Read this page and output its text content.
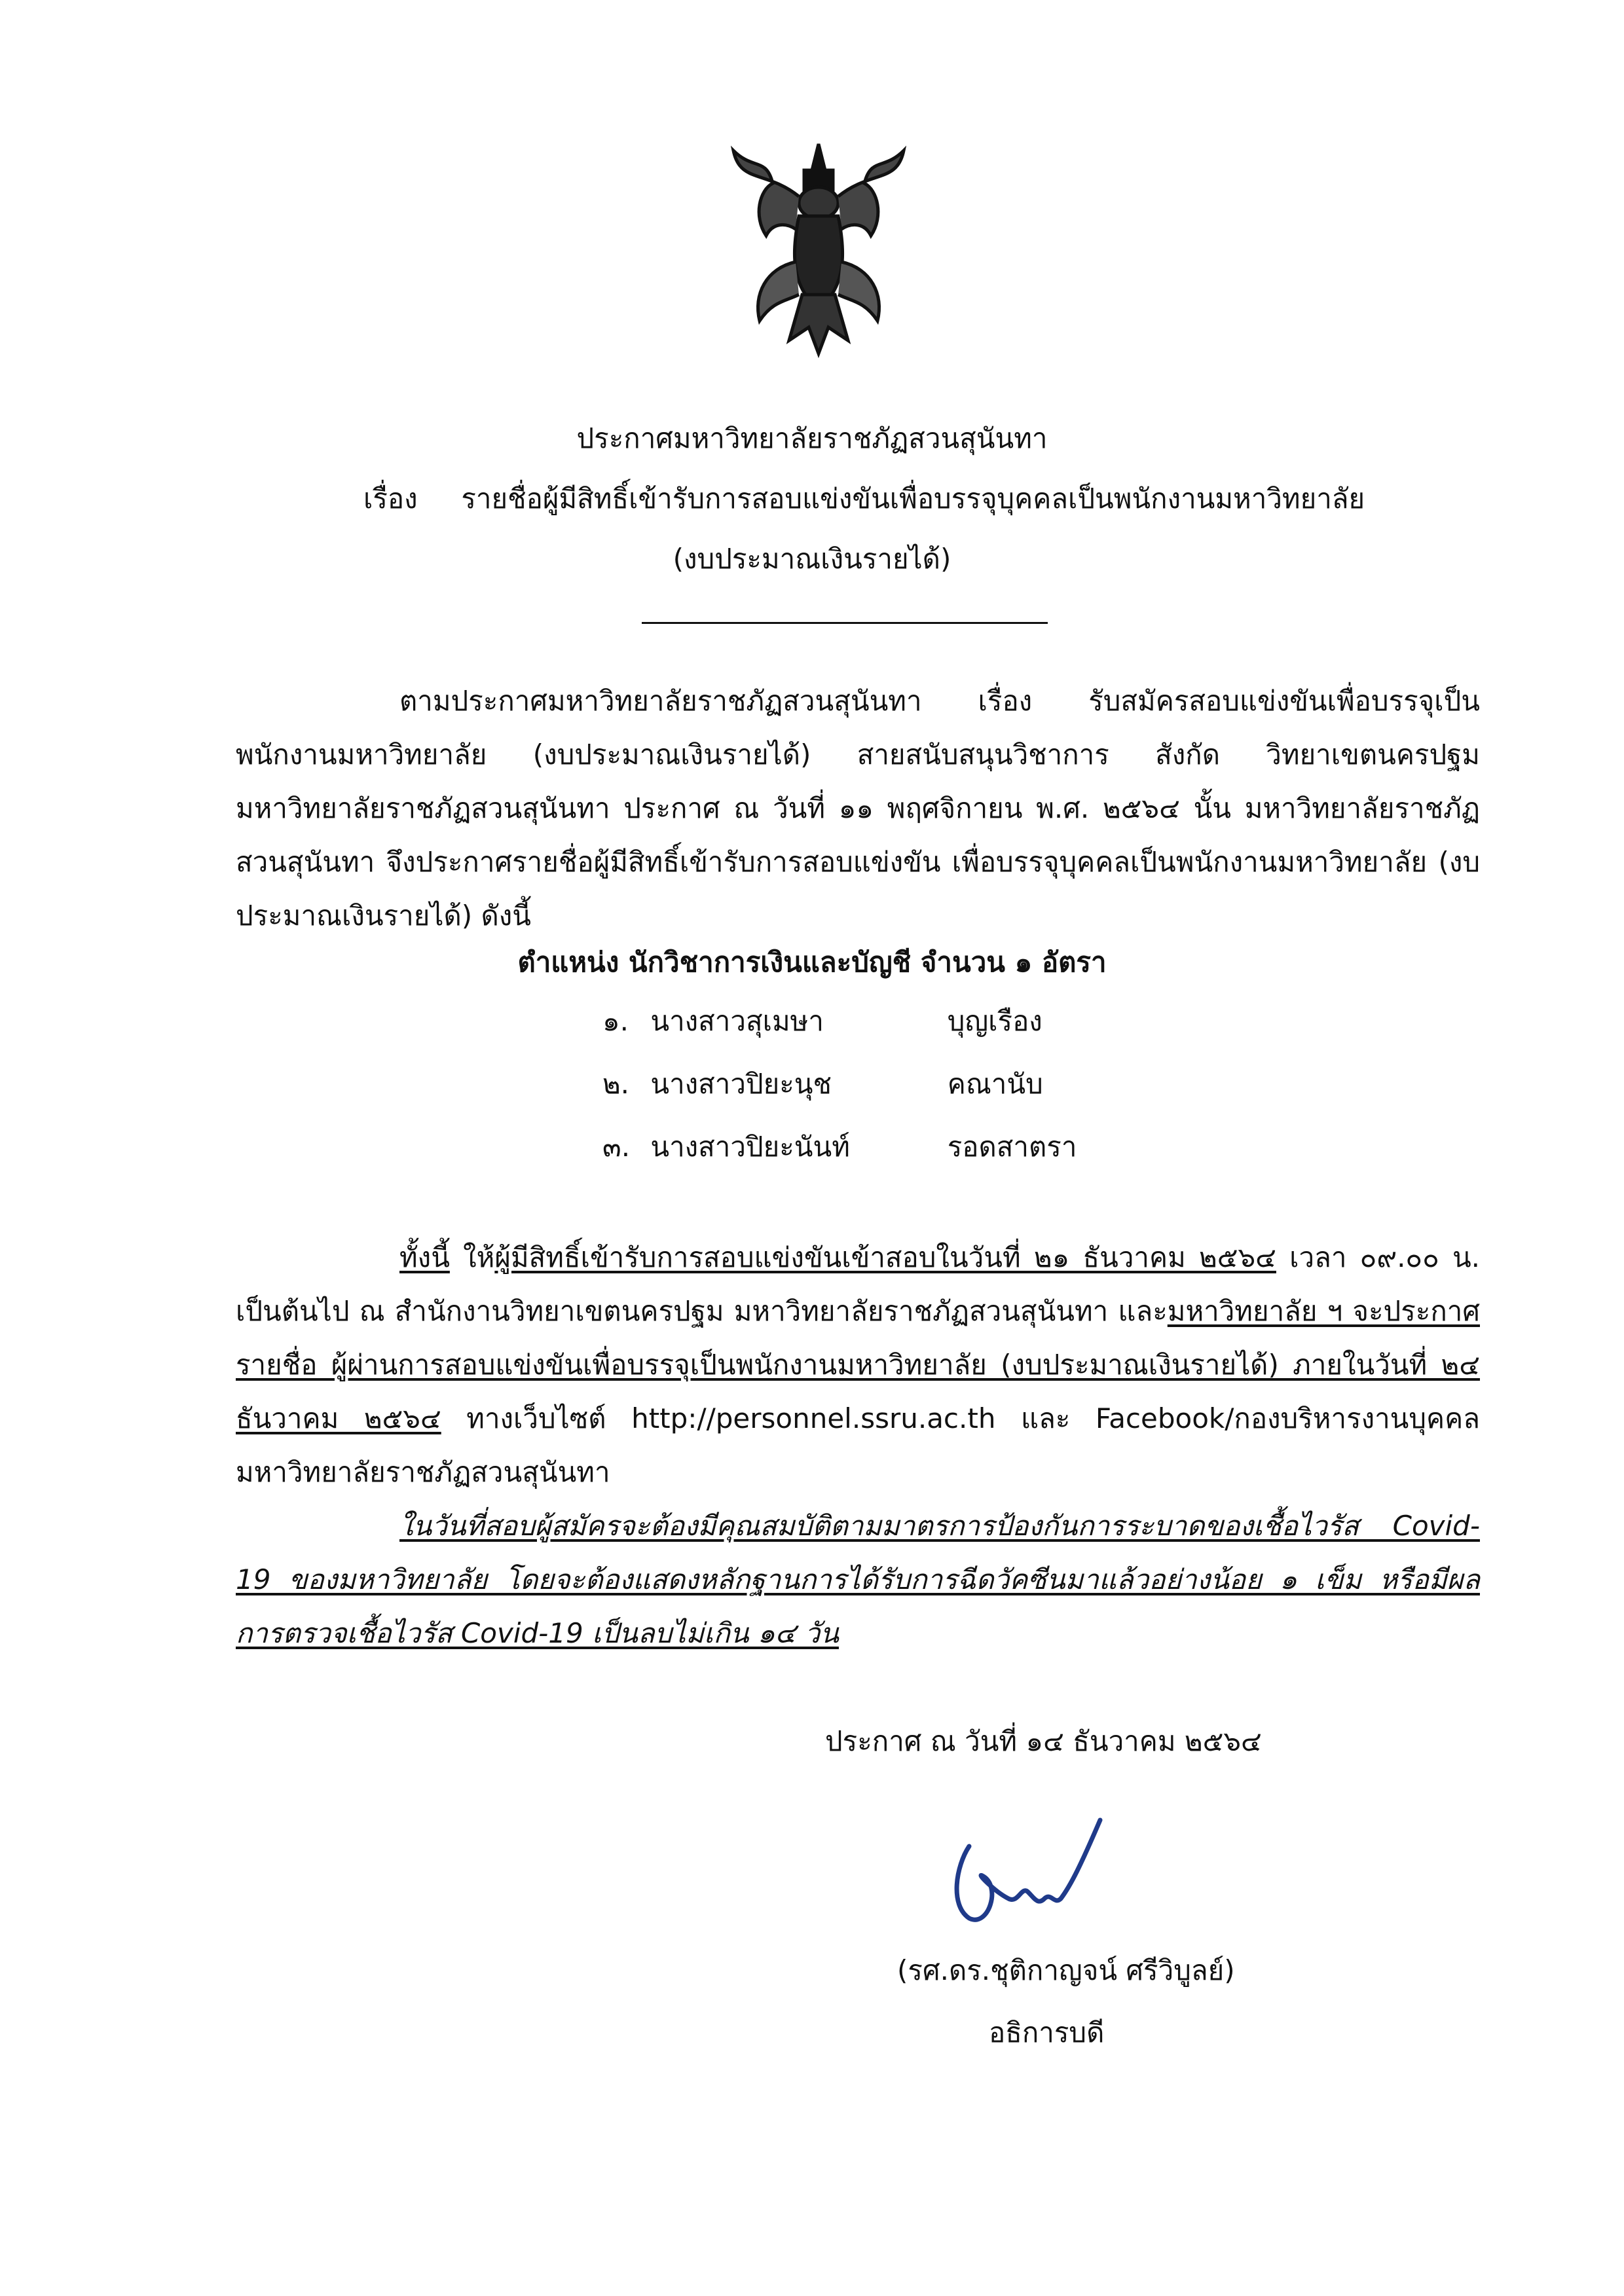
ประกาศมหาวิทยาลัยราชภัฏสวนสุนันทา
เรื่อง รายชื่อผู้มีสิทธิ์เข้ารับการสอบแข่งขันเพื่อบรรจุบุคคลเป็นพนักงานมหาวิทยาลัย
(งบประมาณเงินรายได้)
ตามประกาศมหาวิทยาลัยราชภัฏสวนสุนันทา เรื่อง รับสมัครสอบแข่งขันเพื่อบรรจุเป็นพนักงานมหาวิทยาลัย (งบประมาณเงินรายได้) สายสนับสนุนวิชาการ สังกัด วิทยาเขตนครปฐม มหาวิทยาลัยราชภัฏสวนสุนันทา ประกาศ ณ วันที่ ๑๑ พฤศจิกายน พ.ศ. ๒๕๖๔ นั้น มหาวิทยาลัยราชภัฏสวนสุนันทา จึงประกาศรายชื่อผู้มีสิทธิ์เข้ารับการสอบแข่งขัน เพื่อบรรจุบุคคลเป็นพนักงานมหาวิทยาลัย (งบประมาณเงินรายได้) ดังนี้
ตำแหน่ง นักวิชาการเงินและบัญชี จำนวน ๑ อัตรา
๑. นางสาวสุเมษา	บุญเรือง
๒. นางสาวปิยะนุช	คณานับ
๓. นางสาวปิยะนันท์	รอดสาตรา
ทั้งนี้ ให้ผู้มีสิทธิ์เข้ารับการสอบแข่งขันเข้าสอบในวันที่ ๒๑ ธันวาคม ๒๕๖๔ เวลา ๐๙.๐๐ น. เป็นต้นไป ณ สำนักงานวิทยาเขตนครปฐม มหาวิทยาลัยราชภัฏสวนสุนันทา และมหาวิทยาลัย ฯ จะประกาศรายชื่อ ผู้ผ่านการสอบแข่งขันเพื่อบรรจุเป็นพนักงานมหาวิทยาลัย (งบประมาณเงินรายได้) ภายในวันที่ ๒๔ ธันวาคม ๒๕๖๔ ทางเว็บไซต์ http://personnel.ssru.ac.th และ Facebook/กองบริหารงานบุคคลมหาวิทยาลัยราชภัฏสวนสุนันทา
ในวันที่สอบผู้สมัครจะต้องมีคุณสมบัติตามมาตรการป้องกันการระบาดของเชื้อไวรัส Covid-19 ของมหาวิทยาลัย โดยจะต้องแสดงหลักฐานการได้รับการฉีดวัคซีนมาแล้วอย่างน้อย ๑ เข็ม หรือมีผลการตรวจเชื้อไวรัส Covid-19 เป็นลบไม่เกิน ๑๔ วัน
ประกาศ ณ วันที่ ๑๔ ธันวาคม ๒๕๖๔
(รศ.ดร.ชุติกาญจน์ ศรีวิบูลย์)
อธิการบดี
